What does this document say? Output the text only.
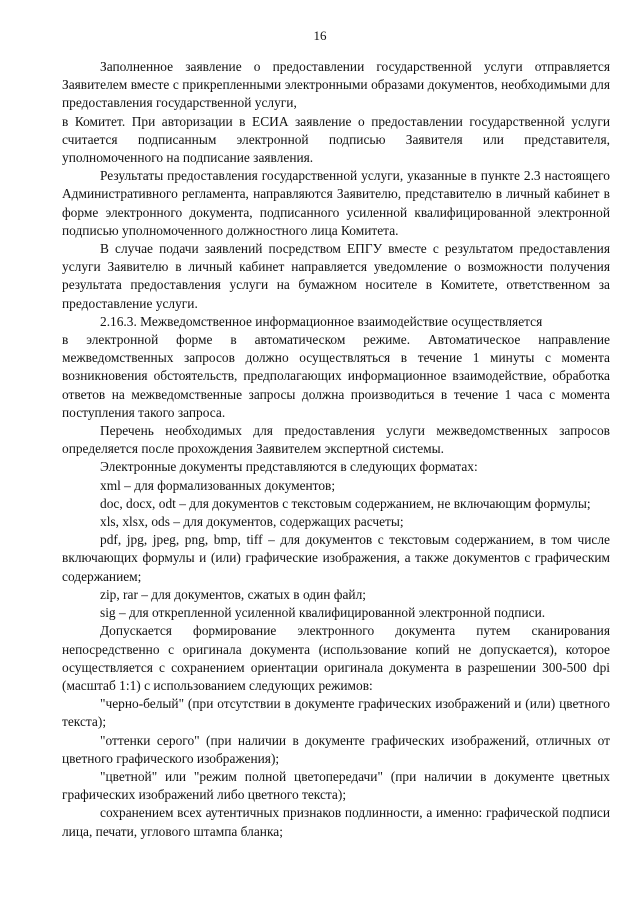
16

Заполненное заявление о предоставлении государственной услуги отправляется Заявителем вместе с прикрепленными электронными образами документов, необходимыми для предоставления государственной услуги,

в Комитет. При авторизации в ЕСИА заявление о предоставлении государственной услуги считается подписанным электронной подписью Заявителя или представителя, уполномоченного на подписание заявления.

Результаты предоставления государственной услуги, указанные в пункте 2.3 настоящего Административного регламента, направляются Заявителю, представителю в личный кабинет в форме электронного документа, подписанного усиленной квалифицированной электронной подписью уполномоченного должностного лица Комитета.

В случае подачи заявлений посредством ЕПГУ вместе с результатом предоставления услуги Заявителю в личный кабинет направляется уведомление о возможности получения результата предоставления услуги на бумажном носителе в Комитете, ответственном за предоставление услуги.

2.16.3. Межведомственное информационное взаимодействие осуществляется

в электронной форме в автоматическом режиме. Автоматическое направление межведомственных запросов должно осуществляться в течение 1 минуты с момента возникновения обстоятельств, предполагающих информационное взаимодействие, обработка ответов на межведомственные запросы должна производиться в течение 1 часа с момента поступления такого запроса.

Перечень необходимых для предоставления услуги межведомственных запросов определяется после прохождения Заявителем экспертной системы.

Электронные документы представляются в следующих форматах:

xml – для формализованных документов;

doc, docx, odt – для документов с текстовым содержанием, не включающим формулы;

xls, xlsx, ods – для документов, содержащих расчеты;

pdf, jpg, jpeg, png, bmp, tiff – для документов с текстовым содержанием, в том числе включающих формулы и (или) графические изображения, а также документов с графическим содержанием;

zip, rar – для документов, сжатых в один файл;

sig – для открепленной усиленной квалифицированной электронной подписи.

Допускается формирование электронного документа путем сканирования непосредственно с оригинала документа (использование копий не допускается), которое осуществляется с сохранением ориентации оригинала документа в разрешении 300-500 dpi (масштаб 1:1) с использованием следующих режимов:

"черно-белый" (при отсутствии в документе графических изображений и (или) цветного текста);

"оттенки серого" (при наличии в документе графических изображений, отличных от цветного графического изображения);

"цветной" или "режим полной цветопередачи" (при наличии в документе цветных графических изображений либо цветного текста);

сохранением всех аутентичных признаков подлинности, а именно: графической подписи лица, печати, углового штампа бланка;
